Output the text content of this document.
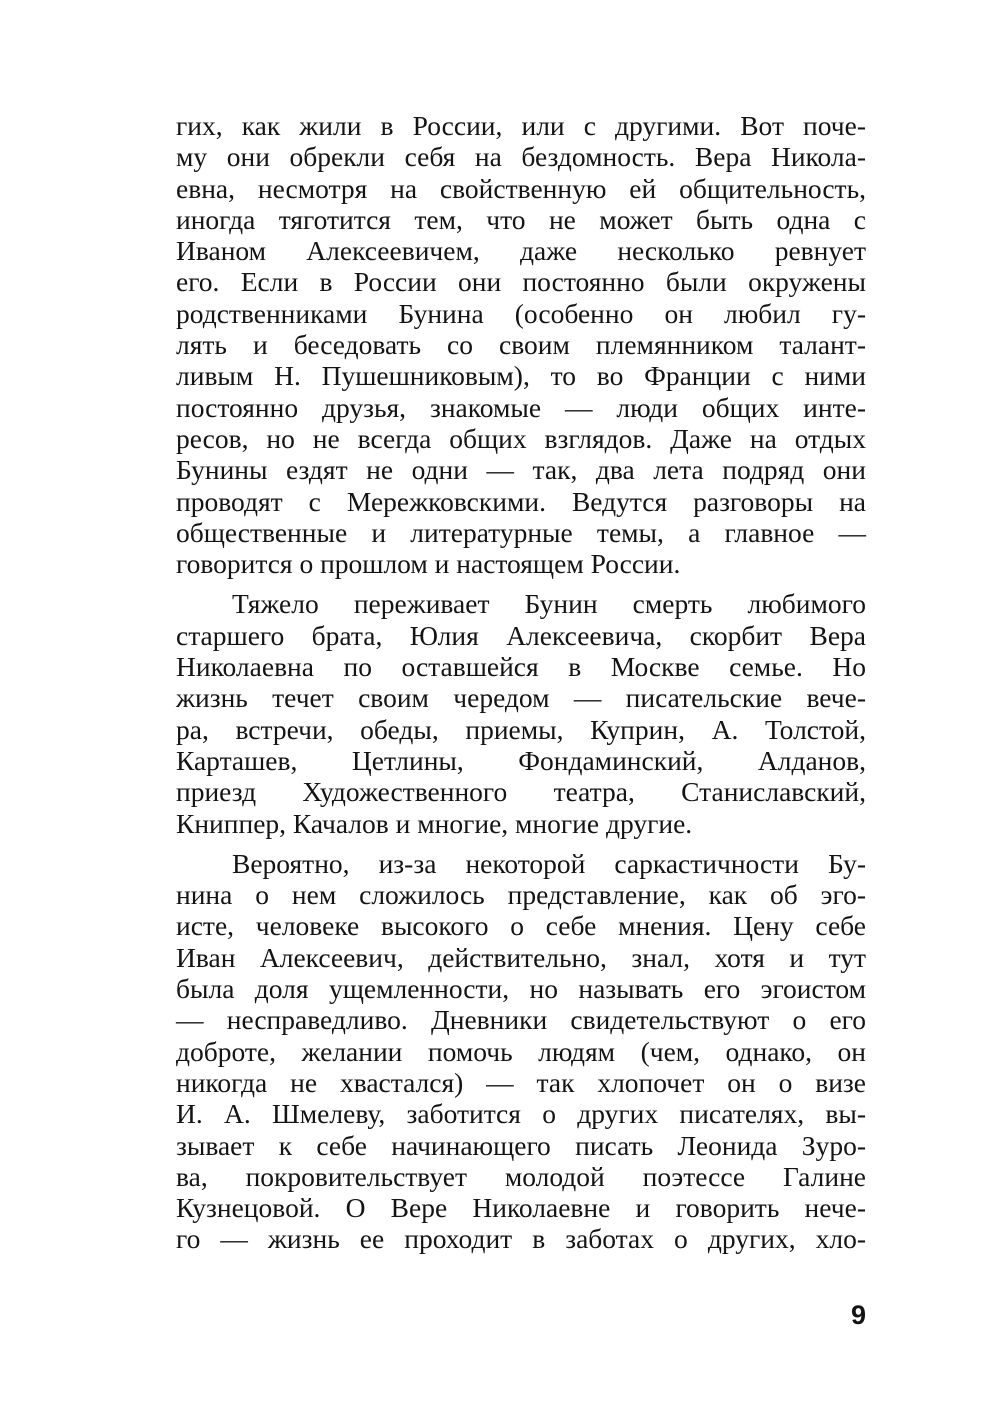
гих, как жили в России, или с другими. Вот поче-
му они обрекли себя на бездомность. Вера Никола-
евна, несмотря на свойственную ей общительность,
иногда тяготится тем, что не может быть одна с
Иваном Алексеевичем, даже несколько ревнует
его. Если в России они постоянно были окружены
родственниками Бунина (особенно он любил гу-
лять и беседовать со своим племянником талант-
ливым Н. Пушешниковым), то во Франции с ними
постоянно друзья, знакомые — люди общих инте-
ресов, но не всегда общих взглядов. Даже на отдых
Бунины ездят не одни — так, два лета подряд они
проводят с Мережковскими. Ведутся разговоры на
общественные и литературные темы, а главное —
говорится о прошлом и настоящем России.
Тяжело переживает Бунин смерть любимого
старшего брата, Юлия Алексеевича, скорбит Вера
Николаевна по оставшейся в Москве семье. Но
жизнь течет своим чередом — писательские вече-
ра, встречи, обеды, приемы, Куприн, А. Толстой,
Карташев, Цетлины, Фондаминский, Алданов,
приезд Художественного театра, Станиславский,
Книппер, Качалов и многие, многие другие.
Вероятно, из-за некоторой саркастичности Бу-
нина о нем сложилось представление, как об эго-
исте, человеке высокого о себе мнения. Цену себе
Иван Алексеевич, действительно, знал, хотя и тут
была доля ущемленности, но называть его эгоистом
— несправедливо. Дневники свидетельствуют о его
доброте, желании помочь людям (чем, однако, он
никогда не хвастался) — так хлопочет он о визе
И. А. Шмелеву, заботится о других писателях, вы-
зывает к себе начинающего писать Леонида Зуро-
ва, покровительствует молодой поэтессе Галине
Кузнецовой. О Вере Николаевне и говорить нече-
го — жизнь ее проходит в заботах о других, хло-
9
